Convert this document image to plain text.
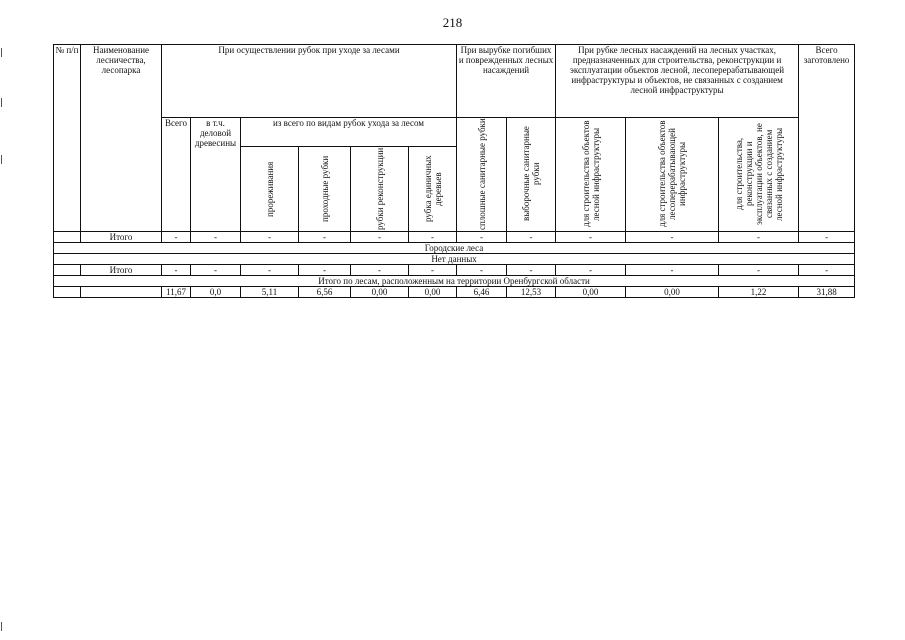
218
№ п/п	Наименование лесничества, лесопарка	При осуществлении рубок при уходе за лесами						При вырубке погибших и поврежденных лесных насаждений		При рубке лесных насаждений на лесных участках, предназначенных для строительства, реконструкции и эксплуатации объектов лесной, лесоперерабатывающей инфраструктуры и объектов, не связанных с созданием лесной инфраструктуры			Всего заготовлено
		Всего	в т.ч. деловой древесины	из всего по видам рубок ухода за лесом				сплошные санитарные рубки	выборочные санитарные рубки	для строительства объектов лесной инфраструктуры	для строительства объектов лесоперерабатывающей инфраструктуры	для строительства, реконструкции и эксплуатации объектов, не связанных с созданием лесной инфраструктуры	

				прореживания	проходные рубки	рубки реконструкции	рубка единичных деревьев						

	Итого	-	-	-	-	-	-	-	-	-	-	-	-
Городские леса													
Нет данных													
	Итого	-	-	-	-	-	-	-	-	-	-	-	-
Итого по лесам, расположенным на территории Оренбургской области													
		11,67	0,0	5,11	6,56	0,00	0,00	6,46	12,53	0,00	0,00	1,22	31,88
